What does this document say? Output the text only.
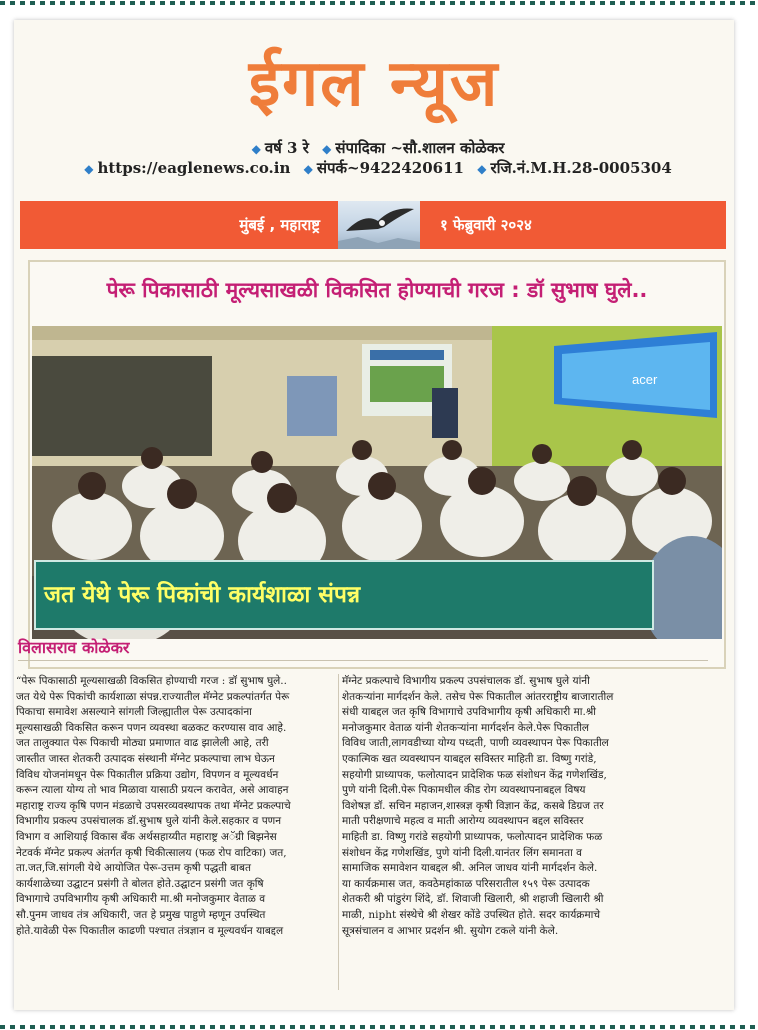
ईगल न्यूज
◆ वर्ष 3 रे ◆ संपादिका ~सौ.शालन कोळेकर
◆ https://eaglenews.co.in ◆ संपर्क~9422420611 ◆ रजि.नं.M.H.28-0005304
मुंबई , महाराष्ट्र	१ फेब्रुवारी २०२४
पेरू पिकासाठी मूल्यसाखळी विकसित होण्याची गरज : डॉ सुभाष घुले..
acer
जत येथे पेरू पिकांची कार्यशाळा संपन्न
विलासराव कोळेकर
“पेरू पिकासाठी मूल्यसाखळी विकसित होण्याची गरज : डॉ सुभाष घुले..
जत येथे पेरू पिकांची कार्यशाळा संपन्न.राज्यातील मॅग्नेट प्रकल्पांतर्गत पेरू
पिकाचा समावेश असल्याने सांगली जिल्ह्यातील पेरू उत्पादकांना
मूल्यसाखळी विकसित करून पणन व्यवस्था बळकट करण्यास वाव आहे.
जत तालुक्यात पेरू पिकाची मोठ्या प्रमाणात वाढ झालेली आहे, तरी
जास्तीत जास्त शेतकरी उत्पादक संस्थानी मॅग्नेट प्रकल्पाचा लाभ घेऊन
विविध योजनांमधून पेरू पिकातील प्रक्रिया उद्योग, विपणन व मूल्यवर्धन
करून त्याला योग्य तो भाव मिळावा यासाठी प्रयत्न करावेत, असे आवाहन
महाराष्ट्र राज्य कृषि पणन मंडळाचे उपसरव्यवस्थापक तथा मॅग्नेट प्रकल्पाचे
विभागीय प्रकल्प उपसंचालक डॉ.सुभाष घुले यांनी केले.सहकार व पणन
विभाग व आशियाई विकास बँक अर्थसहाय्यीत महाराष्ट्र अॅग्री बिझनेस
नेटवर्क मॅग्नेट प्रकल्प अंतर्गत कृषी चिकीत्सालय (फळ रोप वाटिका) जत,
ता.जत,जि.सांगली येथे आयोजित पेरू-उत्तम कृषी पद्धती बाबत
कार्यशाळेच्या उद्घाटन प्रसंगी ते बोलत होते.उद्घाटन प्रसंगी जत कृषि
विभागाचे उपविभागीय कृषी अधिकारी मा.श्री मनोजकुमार वेताळ व
सौ.पुनम जाधव तंत्र अधिकारी, जत हे प्रमुख पाहुणे म्हणून उपस्थित
होते.यावेळी पेरू पिकातील काढणी पश्चात तंत्रज्ञान व मूल्यवर्धन याबद्दल
मॅग्नेट प्रकल्पाचे विभागीय प्रकल्प उपसंचालक डॉ. सुभाष घुले यांनी
शेतकऱ्यांना मार्गदर्शन केले. तसेच पेरू पिकातील आंतरराष्ट्रीय बाजारातील
संधी याबद्दल जत कृषि विभागाचे उपविभागीय कृषी अधिकारी मा.श्री
मनोजकुमार वेताळ यांनी शेतकऱ्यांना मार्गदर्शन केले.पेरू पिकातील
विविध जाती,लागवडीच्या योग्य पध्दती, पाणी व्यवस्थापन पेरू पिकातील
एकात्मिक खत व्यवस्थापन याबद्दल सविस्तर माहिती डा. विष्णु गरांडे,
सहयोगी प्राध्यापक, फलोत्पादन प्रादेशिक फळ संशोधन केंद्र गणेशखिंड,
पुणे यांनी दिली.पेरू पिकामधील कीड रोग व्यवस्थापनाबद्दल विषय
विशेषज्ञ डॉ. सचिन महाजन,शास्त्रज्ञ कृषी विज्ञान केंद्र, कसबे डिग्रज तर
माती परीक्षणाचे महत्व व माती आरोग्य व्यवस्थापन बद्दल सविस्तर
माहिती डा. विष्णु गरांडे सहयोगी प्राध्यापक, फलोत्पादन प्रादेशिक फळ
संशोधन केंद्र गणेशखिंड, पुणे यांनी दिली.यानंतर लिंग समानता व
सामाजिक समावेशन याबद्दल श्री. अनिल जाधव यांनी मार्गदर्शन केले.
या कार्यक्रमास जत, कवठेमहांकाळ परिसरातील १५९ पेरू उत्पादक
शेतकरी श्री पांडुरंग शिंदे, डॉ. शिवाजी खिलारी, श्री शहाजी खिलारी श्री
माळी, nipht संस्थेचे श्री शेखर कोंडे उपस्थित होते. सदर कार्यक्रमाचे
सूत्रसंचालन व आभार प्रदर्शन श्री. सुयोग टकले यांनी केले.
